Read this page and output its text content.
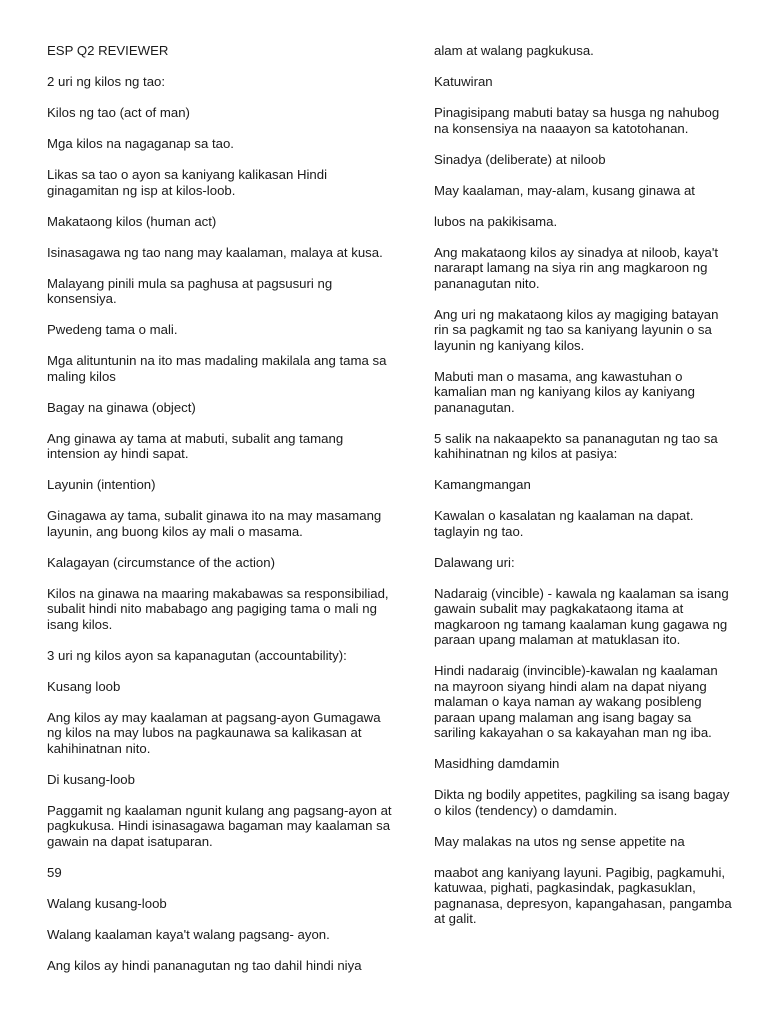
ESP Q2 REVIEWER

2 uri ng kilos ng tao:

Kilos ng tao (act of man)

Mga kilos na nagaganap sa tao.

Likas sa tao o ayon sa kaniyang kalikasan Hindi ginagamitan ng isp at kilos-loob.

Makataong kilos (human act)

Isinasagawa ng tao nang may kaalaman, malaya at kusa.

Malayang pinili mula sa paghusa at pagsusuri ng konsensiya.

Pwedeng tama o mali.

Mga alituntunin na ito mas madaling makilala ang tama sa maling kilos

Bagay na ginawa (object)

Ang ginawa ay tama at mabuti, subalit ang tamang intension ay hindi sapat.

Layunin (intention)

Ginagawa ay tama, subalit ginawa ito na may masamang layunin, ang buong kilos ay mali o masama.

Kalagayan (circumstance of the action)

Kilos na ginawa na maaring makabawas sa responsibiliad, subalit hindi nito mababago ang pagiging tama o mali ng isang kilos.

3 uri ng kilos ayon sa kapanagutan (accountability):

Kusang loob

Ang kilos ay may kaalaman at pagsang-ayon Gumagawa ng kilos na may lubos na pagkaunawa sa kalikasan at kahihinatnan nito.

Di kusang-loob

Paggamit ng kaalaman ngunit kulang ang pagsang-ayon at pagkukusa. Hindi isinasagawa bagaman may kaalaman sa gawain na dapat isatuparan.

59

Walang kusang-loob

Walang kaalaman kaya't walang pagsang- ayon.

Ang kilos ay hindi pananagutan ng tao dahil hindi niya

alam at walang pagkukusa.

Katuwiran

Pinagisipang mabuti batay sa husga ng nahubog na konsensiya na naaayon sa katotohanan.

Sinadya (deliberate) at niloob

May kaalaman, may-alam, kusang ginawa at

lubos na pakikisama.

Ang makataong kilos ay sinadya at niloob, kaya't nararapt lamang na siya rin ang magkaroon ng pananagutan nito.

Ang uri ng makataong kilos ay magiging batayan rin sa pagkamit ng tao sa kaniyang layunin o sa layunin ng kaniyang kilos.

Mabuti man o masama, ang kawastuhan o kamalian man ng kaniyang kilos ay kaniyang pananagutan.

5 salik na nakaapekto sa pananagutan ng tao sa kahihinatnan ng kilos at pasiya:

Kamangmangan

Kawalan o kasalatan ng kaalaman na dapat. taglayin ng tao.

Dalawang uri:

Nadaraig (vincible) - kawala ng kaalaman sa isang gawain subalit may pagkakataong itama at magkaroon ng tamang kaalaman kung gagawa ng paraan upang malaman at matuklasan ito.

Hindi nadaraig (invincible)-kawalan ng kaalaman na mayroon siyang hindi alam na dapat niyang malaman o kaya naman ay wakang posibleng paraan upang malaman ang isang bagay sa sariling kakayahan o sa kakayahan man ng iba.

Masidhing damdamin

Dikta ng bodily appetites, pagkiling sa isang bagay o kilos (tendency) o damdamin.

May malakas na utos ng sense appetite na

maabot ang kaniyang layuni. Pagibig, pagkamuhi, katuwaa, pighati, pagkasindak, pagkasuklan, pagnanasa, depresyon, kapangahasan, pangamba at galit.
